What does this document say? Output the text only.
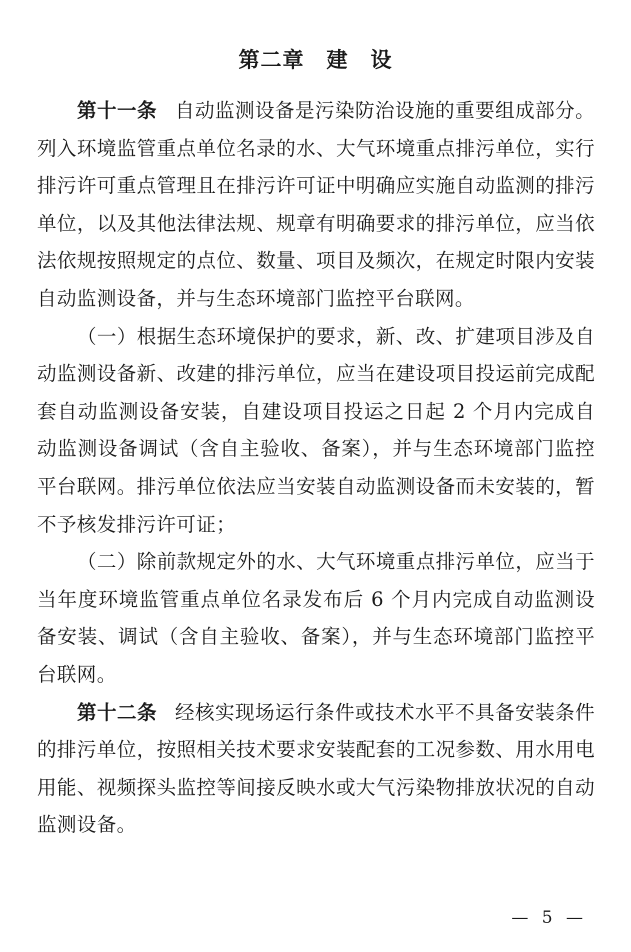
第二章　建　设

第十一条 自动监测设备是污染防治设施的重要组成部分。列入环境监管重点单位名录的水、大气环境重点排污单位，实行排污许可重点管理且在排污许可证中明确应实施自动监测的排污单位，以及其他法律法规、规章有明确要求的排污单位，应当依法依规按照规定的点位、数量、项目及频次，在规定时限内安装自动监测设备，并与生态环境部门监控平台联网。

（一）根据生态环境保护的要求，新、改、扩建项目涉及自动监测设备新、改建的排污单位，应当在建设项目投运前完成配套自动监测设备安装，自建设项目投运之日起 2 个月内完成自动监测设备调试（含自主验收、备案），并与生态环境部门监控平台联网。排污单位依法应当安装自动监测设备而未安装的，暂不予核发排污许可证；

（二）除前款规定外的水、大气环境重点排污单位，应当于当年度环境监管重点单位名录发布后 6 个月内完成自动监测设备安装、调试（含自主验收、备案），并与生态环境部门监控平台联网。

第十二条 经核实现场运行条件或技术水平不具备安装条件的排污单位，按照相关技术要求安装配套的工况参数、用水用电用能、视频探头监控等间接反映水或大气污染物排放状况的自动监测设备。

— 5 —
